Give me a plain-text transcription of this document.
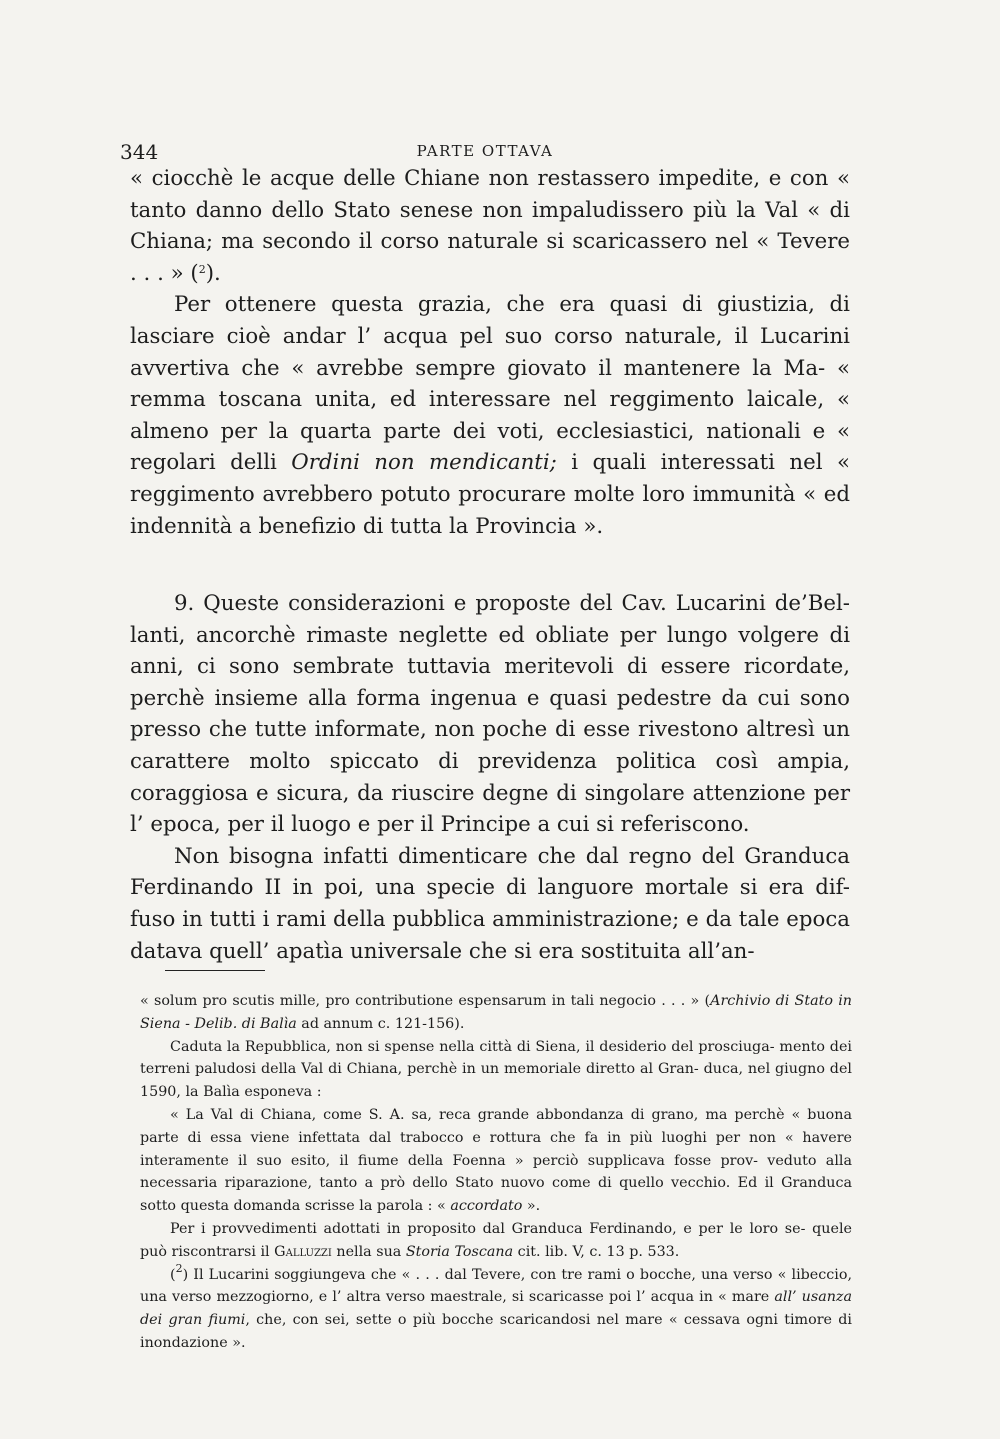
344	PARTE OTTAVA

« ciocchè le acque delle Chiane non restassero impedite, e con « tanto danno dello Stato senese non impaludissero più la Val « di Chiana; ma secondo il corso naturale si scaricassero nel « Tevere . . . » ($^2$).

Per ottenere questa grazia, che era quasi di giustizia, di lasciare cioè andar l’ acqua pel suo corso naturale, il Lucarini avvertiva che « avrebbe sempre giovato il mantenere la Ma- « remma toscana unita, ed interessare nel reggimento laicale, « almeno per la quarta parte dei voti, ecclesiastici, nationali e « regolari delli Ordini non mendicanti; i quali interessati nel « reggimento avrebbero potuto procurare molte loro immunità « ed indennità a benefizio di tutta la Provincia ».

9. Queste considerazioni e proposte del Cav. Lucarini de’Bel- lanti, ancorchè rimaste neglette ed obliate per lungo volgere di anni, ci sono sembrate tuttavia meritevoli di essere ricordate, perchè insieme alla forma ingenua e quasi pedestre da cui sono presso che tutte informate, non poche di esse rivestono altresì un carattere molto spiccato di previdenza politica così ampia, coraggiosa e sicura, da riuscire degne di singolare attenzione per l’ epoca, per il luogo e per il Principe a cui si referiscono.

Non bisogna infatti dimenticare che dal regno del Granduca Ferdinando II in poi, una specie di languore mortale si era dif- fuso in tutti i rami della pubblica amministrazione; e da tale epoca datava quell’ apatìa universale che si era sostituita all’an-

« solum pro scutis mille, pro contributione espensarum in tali negocio . . . » (Archivio di Stato in Siena - Delib. di Balìa ad annum c. 121-156).

Caduta la Repubblica, non si spense nella città di Siena, il desiderio del prosciuga- mento dei terreni paludosi della Val di Chiana, perchè in un memoriale diretto al Gran- duca, nel giugno del 1590, la Balìa esponeva :

« La Val di Chiana, come S. A. sa, reca grande abbondanza di grano, ma perchè « buona parte di essa viene infettata dal trabocco e rottura che fa in più luoghi per non « havere interamente il suo esito, il fiume della Foenna » perciò supplicava fosse prov- veduto alla necessaria riparazione, tanto a prò dello Stato nuovo come di quello vecchio. Ed il Granduca sotto questa domanda scrisse la parola : « accordato ».

Per i provvedimenti adottati in proposito dal Granduca Ferdinando, e per le loro se- quele può riscontrarsi il Galluzzi nella sua Storia Toscana cit. lib. V, c. 13 p. 533.

($^2$) Il Lucarini soggiungeva che « . . . dal Tevere, con tre rami o bocche, una verso « libeccio, una verso mezzogiorno, e l’ altra verso maestrale, si scaricasse poi l’ acqua in « mare all’ usanza dei gran fiumi, che, con sei, sette o più bocche scaricandosi nel mare « cessava ogni timore di inondazione ».
